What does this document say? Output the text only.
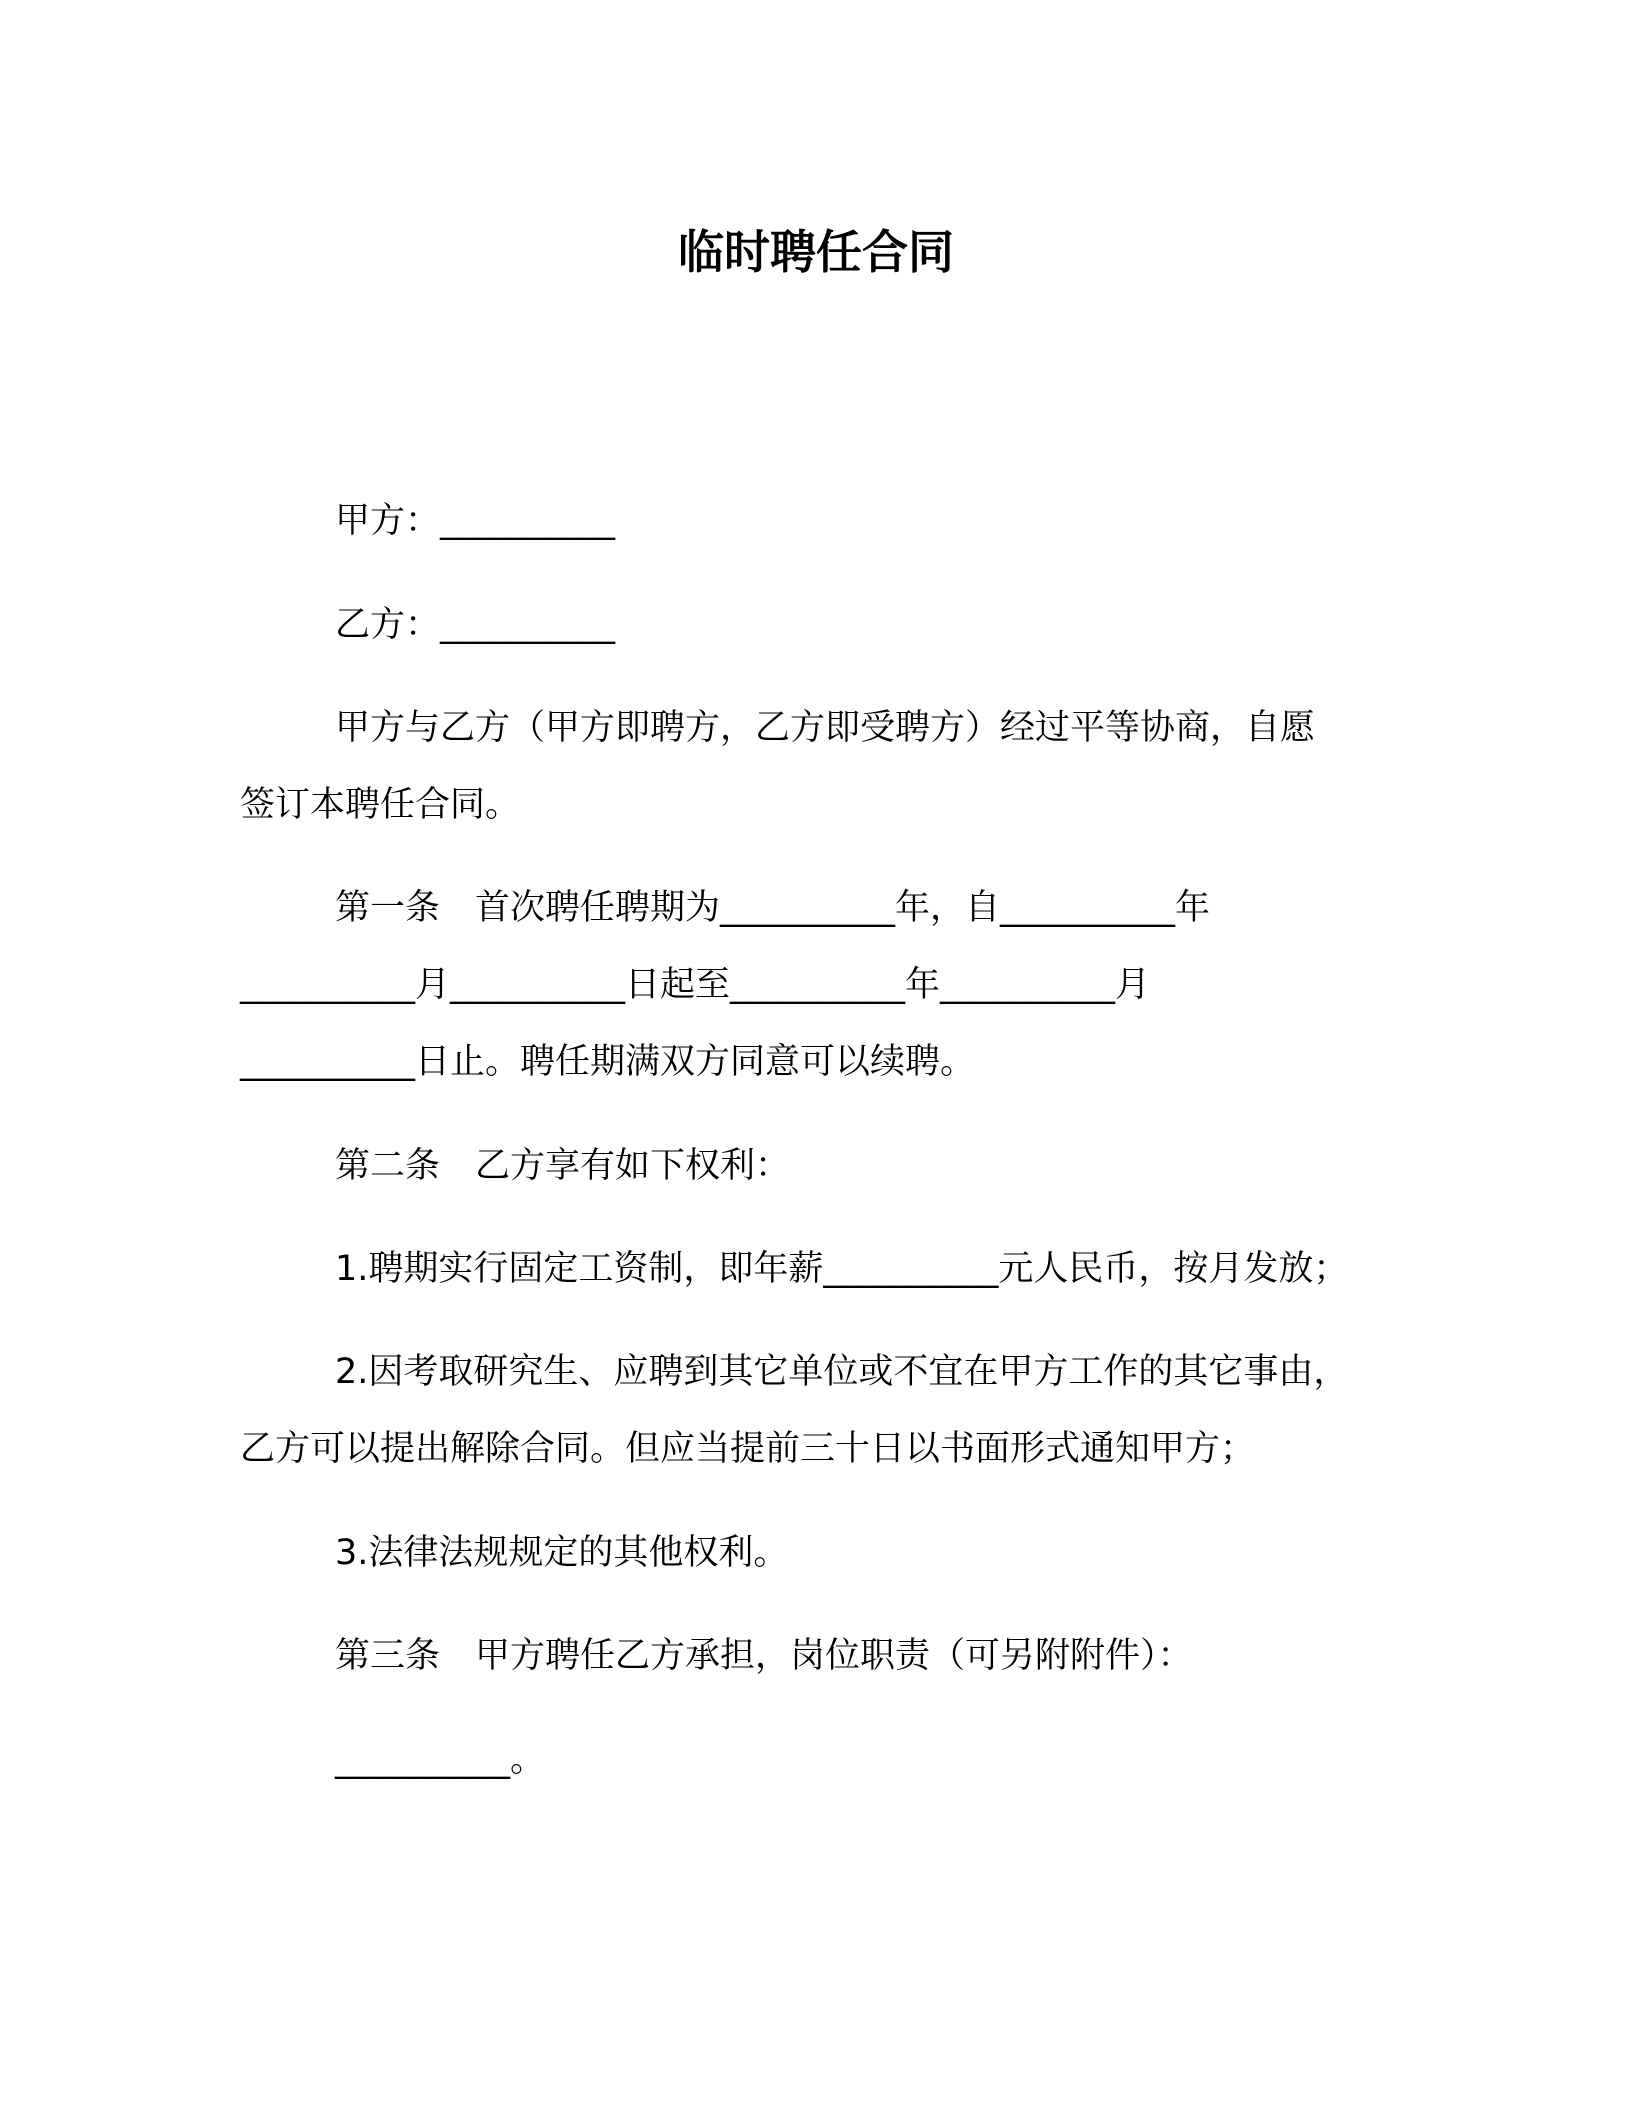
临时聘任合同
甲方：__________
乙方：__________
甲方与乙方（甲方即聘方，乙方即受聘方）经过平等协商，自愿
签订本聘任合同。
第一条　首次聘任聘期为__________年，自__________年
__________月__________日起至__________年__________月
__________日止。聘任期满双方同意可以续聘。
第二条　乙方享有如下权利：
1.聘期实行固定工资制，即年薪__________元人民币，按月发放；
2.因考取研究生、应聘到其它单位或不宜在甲方工作的其它事由，
乙方可以提出解除合同。但应当提前三十日以书面形式通知甲方；
3.法律法规规定的其他权利。
第三条　甲方聘任乙方承担，岗位职责（可另附附件）：
__________。
